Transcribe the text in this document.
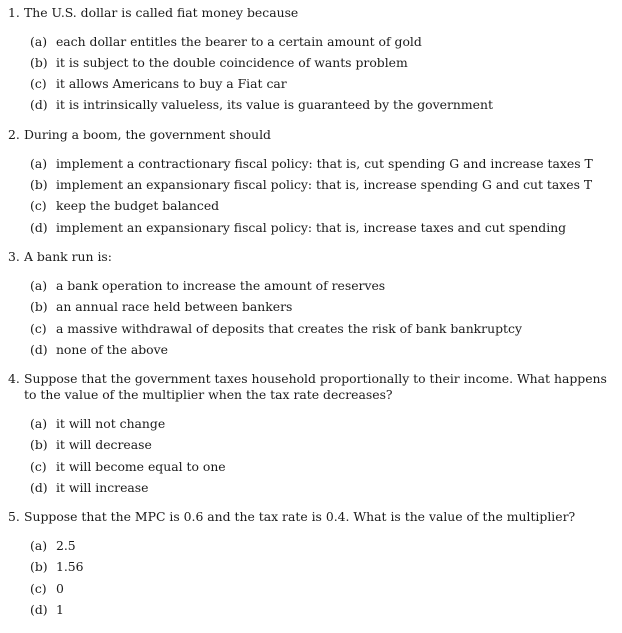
1. The U.S. dollar is called fiat money because
(a) each dollar entitles the bearer to a certain amount of gold
(b) it is subject to the double coincidence of wants problem
(c) it allows Americans to buy a Fiat car
(d) it is intrinsically valueless, its value is guaranteed by the government
2. During a boom, the government should
(a) implement a contractionary fiscal policy: that is, cut spending G and increase taxes T
(b) implement an expansionary fiscal policy: that is, increase spending G and cut taxes T
(c) keep the budget balanced
(d) implement an expansionary fiscal policy: that is, increase taxes and cut spending
3. A bank run is:
(a) a bank operation to increase the amount of reserves
(b) an annual race held between bankers
(c) a massive withdrawal of deposits that creates the risk of bank bankruptcy
(d) none of the above
4. Suppose that the government taxes household proportionally to their income. What happens to the value of the multiplier when the tax rate decreases?
(a) it will not change
(b) it will decrease
(c) it will become equal to one
(d) it will increase
5. Suppose that the MPC is 0.6 and the tax rate is 0.4. What is the value of the multiplier?
(a) 2.5
(b) 1.56
(c) 0
(d) 1
